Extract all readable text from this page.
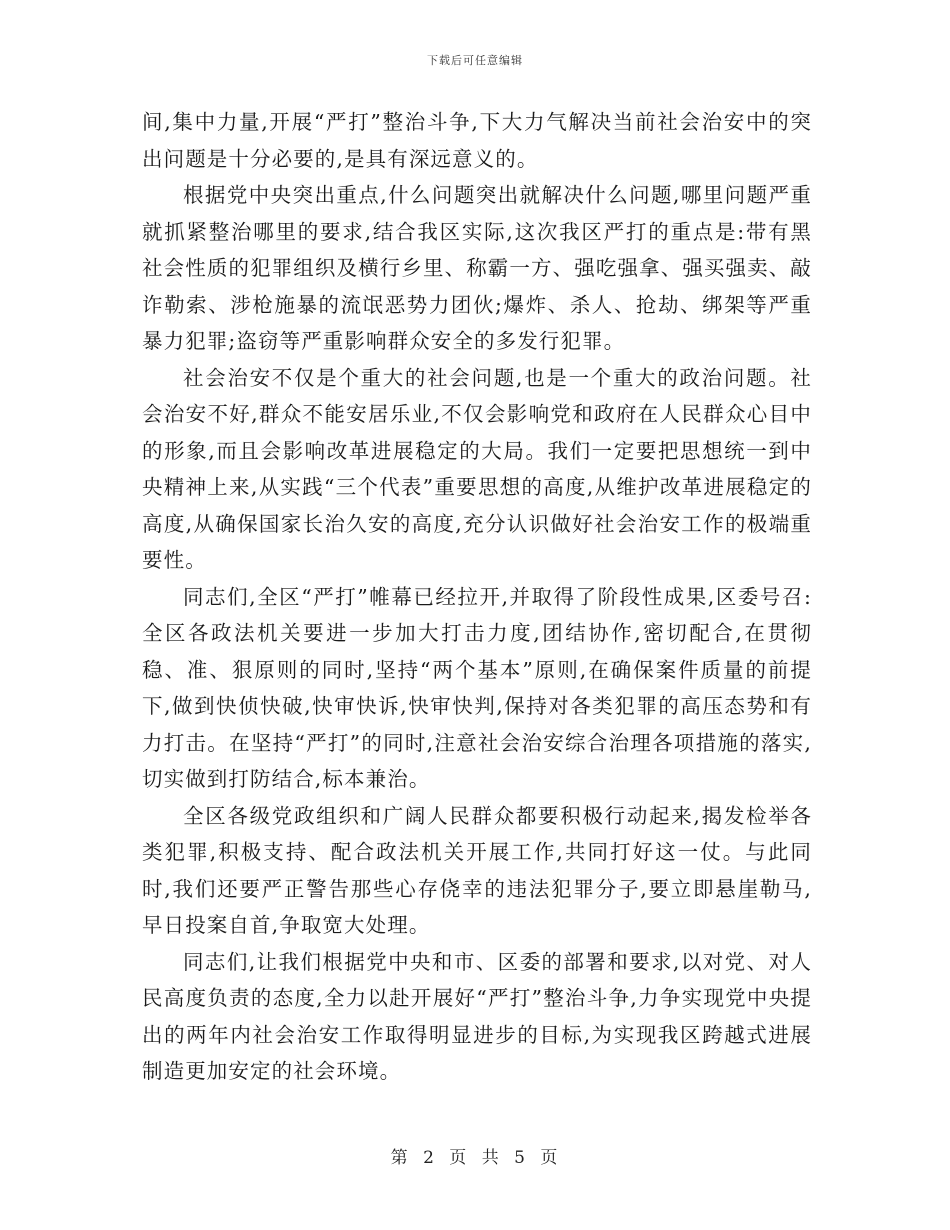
下载后可任意编辑

间,集中力量,开展“严打”整治斗争,下大力气解决当前社会治安中的突出问题是十分必要的,是具有深远意义的。

根据党中央突出重点,什么问题突出就解决什么问题,哪里问题严重就抓紧整治哪里的要求,结合我区实际,这次我区严打的重点是:带有黑社会性质的犯罪组织及横行乡里、称霸一方、强吃强拿、强买强卖、敲诈勒索、涉枪施暴的流氓恶势力团伙;爆炸、杀人、抢劫、绑架等严重暴力犯罪;盗窃等严重影响群众安全的多发行犯罪。

社会治安不仅是个重大的社会问题,也是一个重大的政治问题。社会治安不好,群众不能安居乐业,不仅会影响党和政府在人民群众心目中的形象,而且会影响改革进展稳定的大局。我们一定要把思想统一到中央精神上来,从实践“三个代表”重要思想的高度,从维护改革进展稳定的高度,从确保国家长治久安的高度,充分认识做好社会治安工作的极端重要性。

同志们,全区“严打”帷幕已经拉开,并取得了阶段性成果,区委号召:全区各政法机关要进一步加大打击力度,团结协作,密切配合,在贯彻稳、准、狠原则的同时,坚持“两个基本”原则,在确保案件质量的前提下,做到快侦快破,快审快诉,快审快判,保持对各类犯罪的高压态势和有力打击。在坚持“严打”的同时,注意社会治安综合治理各项措施的落实,切实做到打防结合,标本兼治。

全区各级党政组织和广阔人民群众都要积极行动起来,揭发检举各类犯罪,积极支持、配合政法机关开展工作,共同打好这一仗。与此同时,我们还要严正警告那些心存侥幸的违法犯罪分子,要立即悬崖勒马,早日投案自首,争取宽大处理。

同志们,让我们根据党中央和市、区委的部署和要求,以对党、对人民高度负责的态度,全力以赴开展好“严打”整治斗争,力争实现党中央提出的两年内社会治安工作取得明显进步的目标,为实现我区跨越式进展制造更加安定的社会环境。

第 2 页 共 5 页
